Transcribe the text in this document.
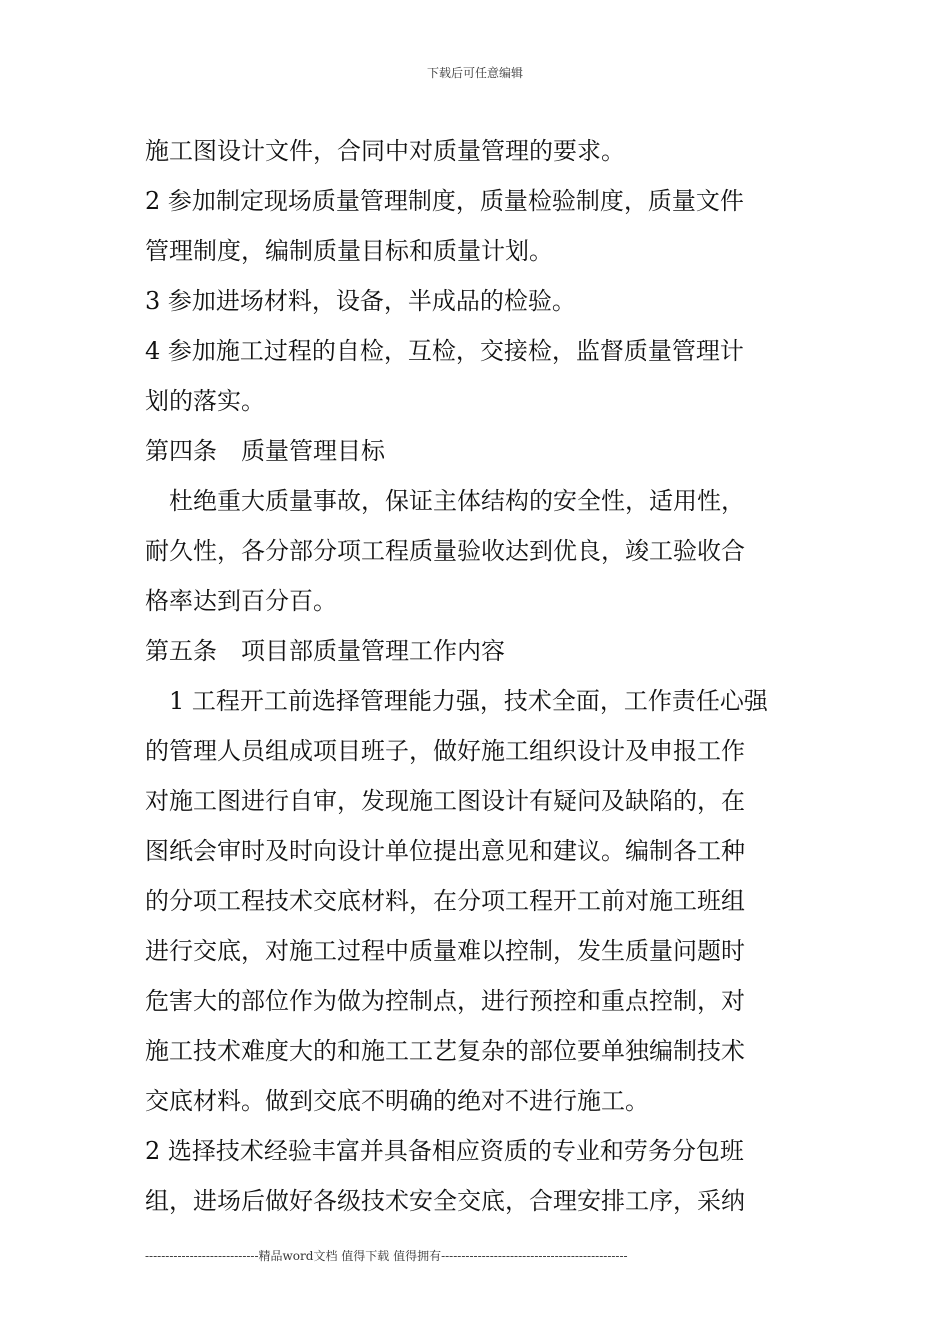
下载后可任意编辑
施工图设计文件，合同中对质量管理的要求。
2 参加制定现场质量管理制度，质量检验制度，质量文件
管理制度，编制质量目标和质量计划。
3 参加进场材料，设备，半成品的检验。
4 参加施工过程的自检，互检，交接检，监督质量管理计
划的落实。
第四条　质量管理目标
　杜绝重大质量事故，保证主体结构的安全性，适用性，
耐久性，各分部分项工程质量验收达到优良，竣工验收合
格率达到百分百。
第五条　项目部质量管理工作内容
　1 工程开工前选择管理能力强，技术全面，工作责任心强
的管理人员组成项目班子，做好施工组织设计及申报工作
对施工图进行自审，发现施工图设计有疑问及缺陷的，在
图纸会审时及时向设计单位提出意见和建议。编制各工种
的分项工程技术交底材料，在分项工程开工前对施工班组
进行交底，对施工过程中质量难以控制，发生质量问题时
危害大的部位作为做为控制点，进行预控和重点控制，对
施工技术难度大的和施工工艺复杂的部位要单独编制技术
交底材料。做到交底不明确的绝对不进行施工。
2 选择技术经验丰富并具备相应资质的专业和劳务分包班
组，进场后做好各级技术安全交底，合理安排工序，采纳
----------------------------精品word文档 值得下载 值得拥有----------------------------------------------
